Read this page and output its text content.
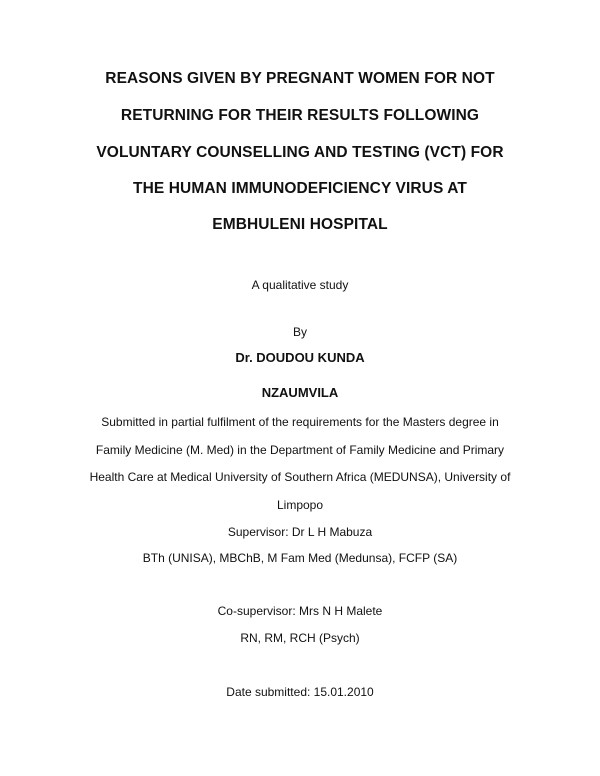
REASONS GIVEN BY PREGNANT WOMEN FOR NOT
RETURNING FOR THEIR RESULTS FOLLOWING
VOLUNTARY COUNSELLING AND TESTING (VCT) FOR
THE HUMAN IMMUNODEFICIENCY VIRUS AT
EMBHULENI HOSPITAL
A qualitative study
By
Dr. DOUDOU KUNDA
NZAUMVILA
Submitted in partial fulfilment of the requirements for the Masters degree in
Family Medicine (M. Med) in the Department of Family Medicine and Primary
Health Care at Medical University of Southern Africa (MEDUNSA), University of
Limpopo
Supervisor: Dr L H Mabuza
BTh (UNISA), MBChB, M Fam Med (Medunsa), FCFP (SA)
Co-supervisor: Mrs N H Malete
RN, RM, RCH (Psych)
Date submitted: 15.01.2010
